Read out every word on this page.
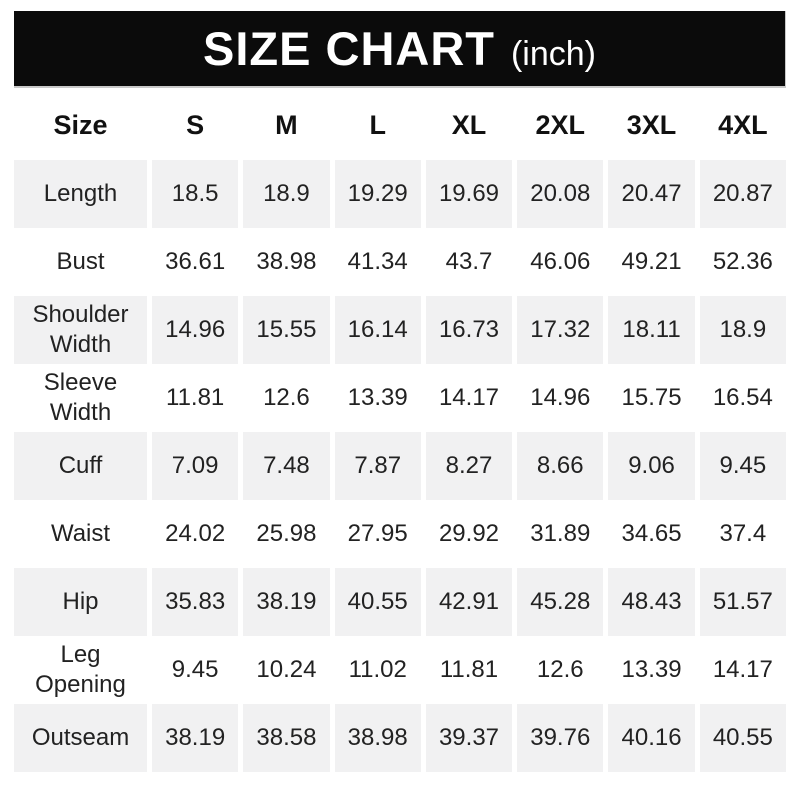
SIZE CHART (inch)
Size	S	M	L	XL	2XL	3XL	4XL
Length	18.5	18.9	19.29	19.69	20.08	20.47	20.87
Bust	36.61	38.98	41.34	43.7	46.06	49.21	52.36
Shoulder Width	14.96	15.55	16.14	16.73	17.32	18.11	18.9
Sleeve Width	11.81	12.6	13.39	14.17	14.96	15.75	16.54
Cuff	7.09	7.48	7.87	8.27	8.66	9.06	9.45
Waist	24.02	25.98	27.95	29.92	31.89	34.65	37.4
Hip	35.83	38.19	40.55	42.91	45.28	48.43	51.57
Leg Opening	9.45	10.24	11.02	11.81	12.6	13.39	14.17
Outseam	38.19	38.58	38.98	39.37	39.76	40.16	40.55
